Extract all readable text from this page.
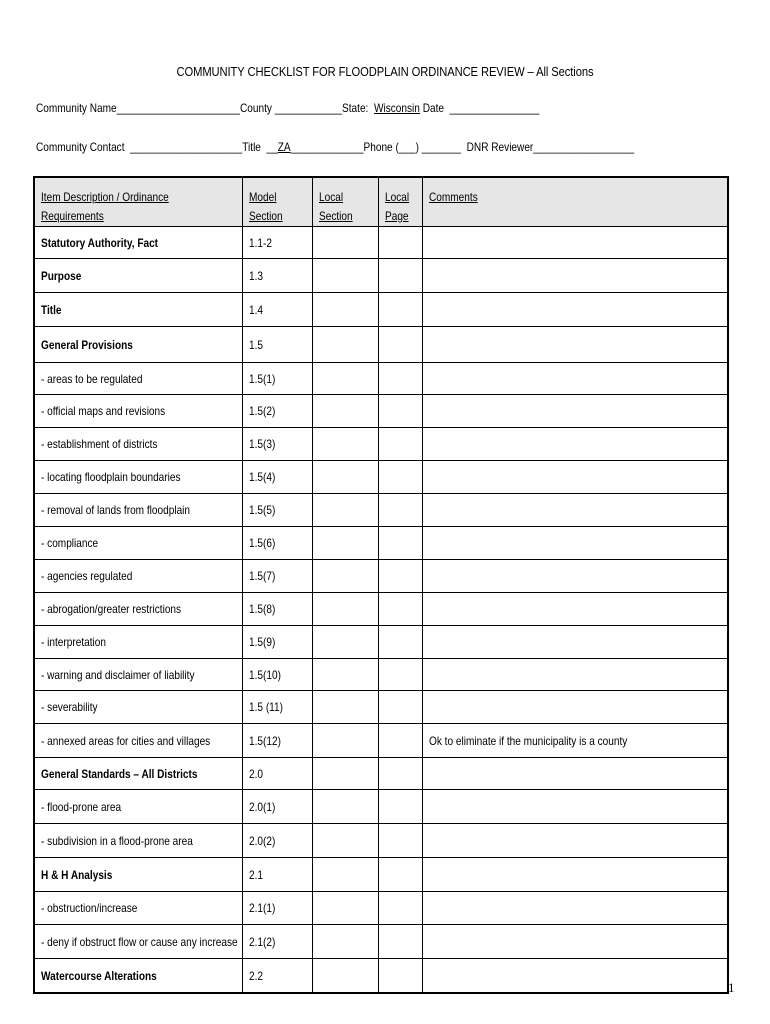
COMMUNITY CHECKLIST FOR FLOODPLAIN ORDINANCE REVIEW – All Sections
Community Name______________________County ____________State:  Wisconsin Date  ________________
Community Contact  ____________________Title  __ZA_____________Phone (___) _______  DNR Reviewer__________________
Item Description / Ordinance Requirements	Model Section	Local Section	Local Page	Comments
Statutory Authority, Fact	1.1-2			
Purpose	1.3			
Title	1.4			
General Provisions	1.5			
- areas to be regulated	1.5(1)			
- official maps and revisions	1.5(2)			
- establishment of districts	1.5(3)			
- locating floodplain boundaries	1.5(4)			
- removal of lands from floodplain	1.5(5)			
- compliance	1.5(6)			
- agencies regulated	1.5(7)			
- abrogation/greater restrictions	1.5(8)			
- interpretation	1.5(9)			
- warning and disclaimer of liability	1.5(10)			
- severability	1.5 (11)			
- annexed areas for cities and villages	1.5(12)			Ok to eliminate if the municipality is a county
General Standards – All Districts	2.0			
- flood-prone area	2.0(1)			
- subdivision in a flood-prone area	2.0(2)			
H & H Analysis	2.1			
- obstruction/increase	2.1(1)			
- deny if obstruct flow or cause any increase	2.1(2)			
Watercourse Alterations	2.2			
1
